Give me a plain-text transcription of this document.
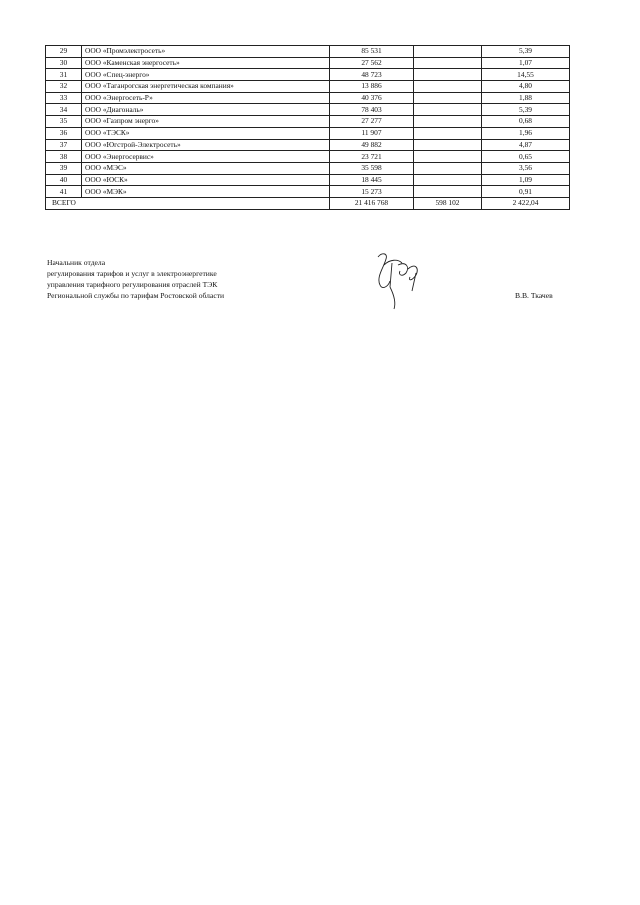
29	ООО «Промэлектросеть»	85 531		5,39
30	ООО «Каменская энергосеть»	27 562		1,07
31	ООО «Спец-энерго»	48 723		14,55
32	ООО «Таганрогская энергетическая компания»	13 886		4,80
33	ООО «Энергосеть-Р»	40 376		1,88
34	ООО «Диагональ»	78 403		5,39
35	ООО «Газпром энерго»	27 277		0,68
36	ООО «ТЭСК»	11 907		1,96
37	ООО «Югстрой-Электросеть»	49 882		4,87
38	ООО «Энергосервис»	23 721		0,65
39	ООО «МЭС»	35 598		3,56
40	ООО «ЮСК»	18 445		1,09
41	ООО «МЭК»	15 273		0,91
ВСЕГО		21 416 768	598 102	2 422,04
Начальник отдела
регулирования тарифов и услуг в электроэнергетике
управления тарифного регулирования отраслей ТЭК
Региональной службы по тарифам Ростовской области	В.В. Ткачев
